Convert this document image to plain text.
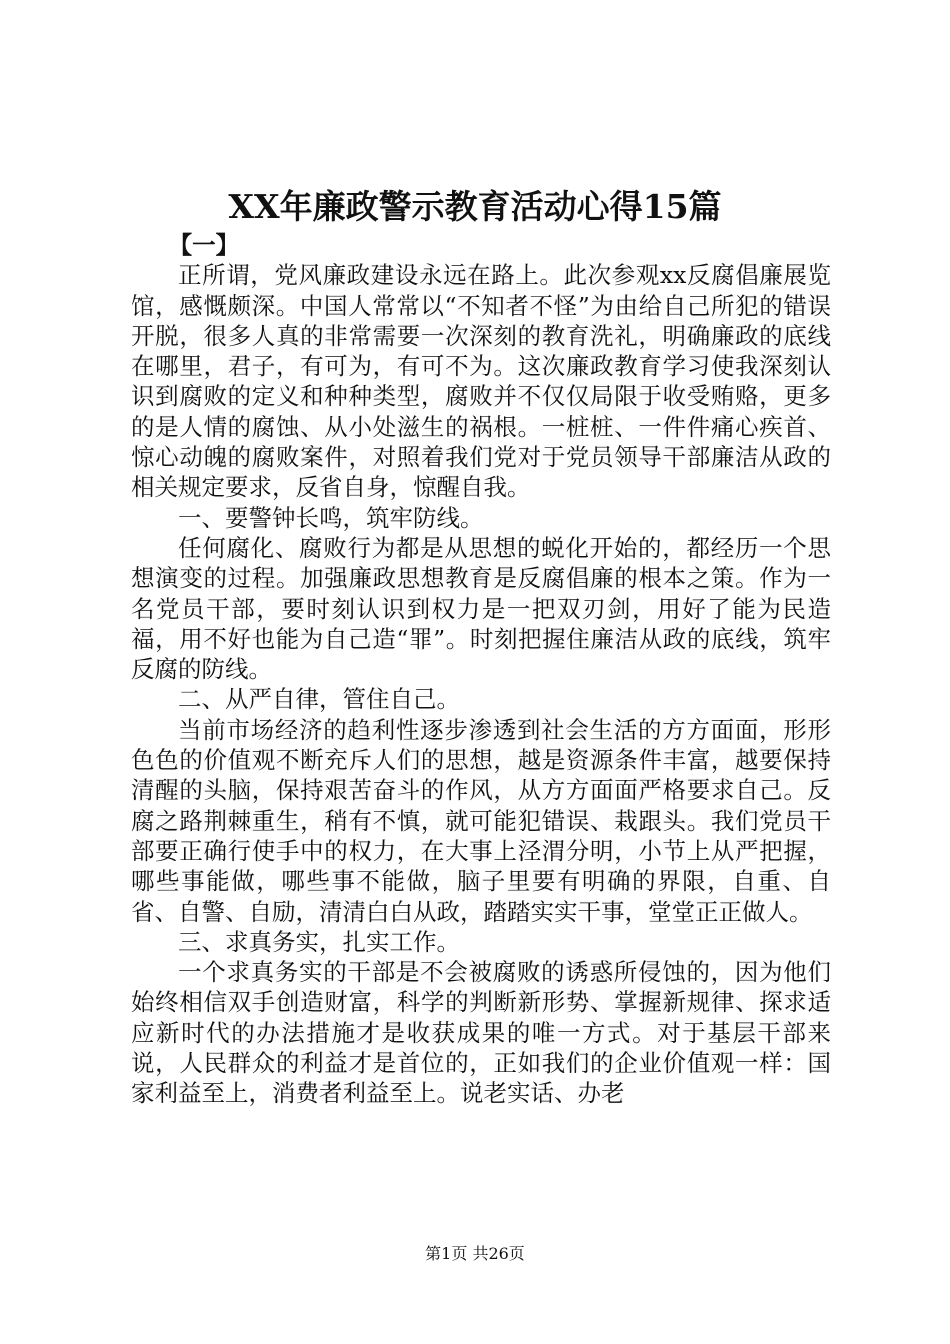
XX年廉政警示教育活动心得15篇

【一】

正所谓，党风廉政建设永远在路上。此次参观xx反腐倡廉展览馆，感慨颇深。中国人常常以“不知者不怪”为由给自己所犯的错误开脱，很多人真的非常需要一次深刻的教育洗礼，明确廉政的底线在哪里，君子，有可为，有可不为。这次廉政教育学习使我深刻认识到腐败的定义和种种类型，腐败并不仅仅局限于收受贿赂，更多的是人情的腐蚀、从小处滋生的祸根。一桩桩、一件件痛心疾首、惊心动魄的腐败案件，对照着我们党对于党员领导干部廉洁从政的相关规定要求，反省自身，惊醒自我。

一、要警钟长鸣，筑牢防线。

任何腐化、腐败行为都是从思想的蜕化开始的，都经历一个思想演变的过程。加强廉政思想教育是反腐倡廉的根本之策。作为一名党员干部，要时刻认识到权力是一把双刃剑，用好了能为民造福，用不好也能为自己造“罪”。时刻把握住廉洁从政的底线，筑牢反腐的防线。

二、从严自律，管住自己。

当前市场经济的趋利性逐步渗透到社会生活的方方面面，形形色色的价值观不断充斥人们的思想，越是资源条件丰富，越要保持清醒的头脑，保持艰苦奋斗的作风，从方方面面严格要求自己。反腐之路荆棘重生，稍有不慎，就可能犯错误、栽跟头。我们党员干部要正确行使手中的权力，在大事上泾渭分明，小节上从严把握，哪些事能做，哪些事不能做，脑子里要有明确的界限，自重、自省、自警、自励，清清白白从政，踏踏实实干事，堂堂正正做人。

三、求真务实，扎实工作。

一个求真务实的干部是不会被腐败的诱惑所侵蚀的，因为他们始终相信双手创造财富，科学的判断新形势、掌握新规律、探求适应新时代的办法措施才是收获成果的唯一方式。对于基层干部来说，人民群众的利益才是首位的，正如我们的企业价值观一样：国家利益至上，消费者利益至上。说老实话、办老

第1页 共26页
